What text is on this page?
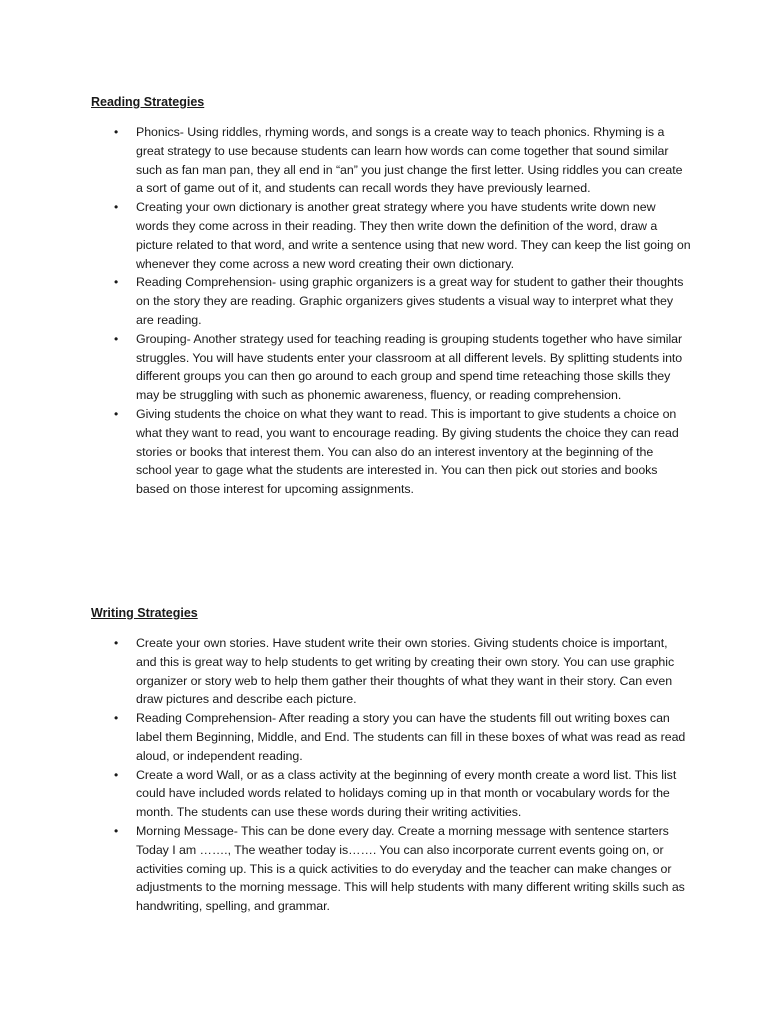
Reading Strategies
• Phonics- Using riddles, rhyming words, and songs is a create way to teach phonics. Rhyming is a great strategy to use because students can learn how words can come together that sound similar such as fan man pan, they all end in “an” you just change the first letter. Using riddles you can create a sort of game out of it, and students can recall words they have previously learned.
• Creating your own dictionary is another great strategy where you have students write down new words they come across in their reading. They then write down the definition of the word, draw a picture related to that word, and write a sentence using that new word. They can keep the list going on whenever they come across a new word creating their own dictionary.
• Reading Comprehension- using graphic organizers is a great way for student to gather their thoughts on the story they are reading. Graphic organizers gives students a visual way to interpret what they are reading.
• Grouping- Another strategy used for teaching reading is grouping students together who have similar struggles. You will have students enter your classroom at all different levels. By splitting students into different groups you can then go around to each group and spend time reteaching those skills they may be struggling with such as phonemic awareness, fluency, or reading comprehension.
• Giving students the choice on what they want to read. This is important to give students a choice on what they want to read, you want to encourage reading. By giving students the choice they can read stories or books that interest them. You can also do an interest inventory at the beginning of the school year to gage what the students are interested in. You can then pick out stories and books based on those interest for upcoming assignments.
Writing Strategies
• Create your own stories. Have student write their own stories. Giving students choice is important, and this is great way to help students to get writing by creating their own story. You can use graphic organizer or story web to help them gather their thoughts of what they want in their story. Can even draw pictures and describe each picture.
• Reading Comprehension- After reading a story you can have the students fill out writing boxes can label them Beginning, Middle, and End. The students can fill in these boxes of what was read as read aloud, or independent reading.
• Create a word Wall, or as a class activity at the beginning of every month create a word list. This list could have included words related to holidays coming up in that month or vocabulary words for the month. The students can use these words during their writing activities.
• Morning Message- This can be done every day. Create a morning message with sentence starters Today I am ……., The weather today is……. You can also incorporate current events going on, or activities coming up. This is a quick activities to do everyday and the teacher can make changes or adjustments to the morning message. This will help students with many different writing skills such as handwriting, spelling, and grammar.
